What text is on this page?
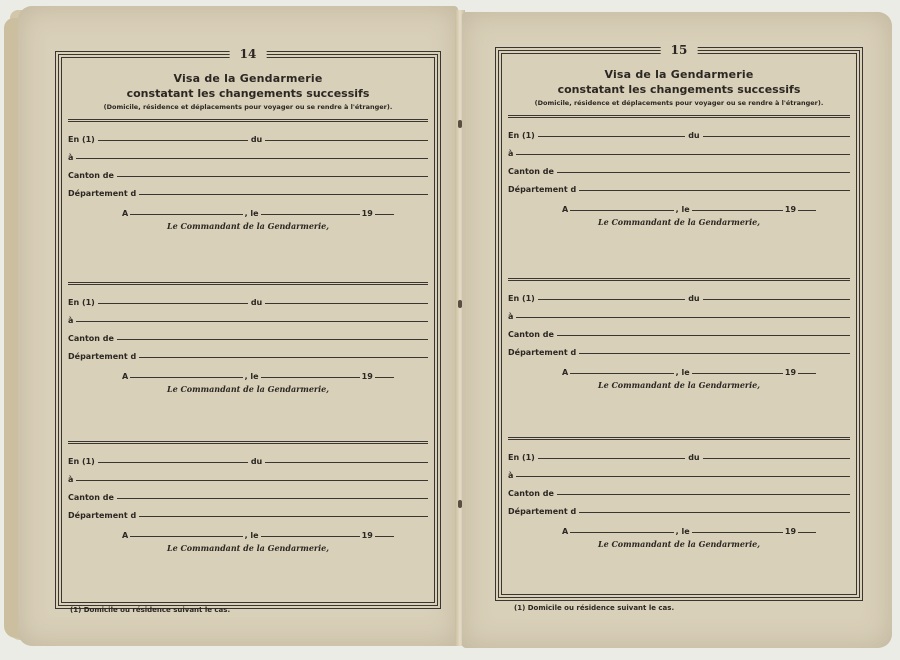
14
Visa de la Gendarmerie
constatant les changements successifs
(Domicile, résidence et déplacements pour voyager ou se rendre à l'étranger).
En (1)	du
à
Canton de
Département d
A	, le	19
Le Commandant de la Gendarmerie,
En (1)	du
à
Canton de
Département d
A	, le	19
Le Commandant de la Gendarmerie,
En (1)	du
à
Canton de
Département d
A	, le	19
Le Commandant de la Gendarmerie,
(1) Domicile ou résidence suivant le cas.
15
Visa de la Gendarmerie
constatant les changements successifs
(Domicile, résidence et déplacements pour voyager ou se rendre à l'étranger).
En (1)	du
à
Canton de
Département d
A	, le	19
Le Commandant de la Gendarmerie,
En (1)	du
à
Canton de
Département d
A	, le	19
Le Commandant de la Gendarmerie,
En (1)	du
à
Canton de
Département d
A	, le	19
Le Commandant de la Gendarmerie,
(1) Domicile ou résidence suivant le cas.
